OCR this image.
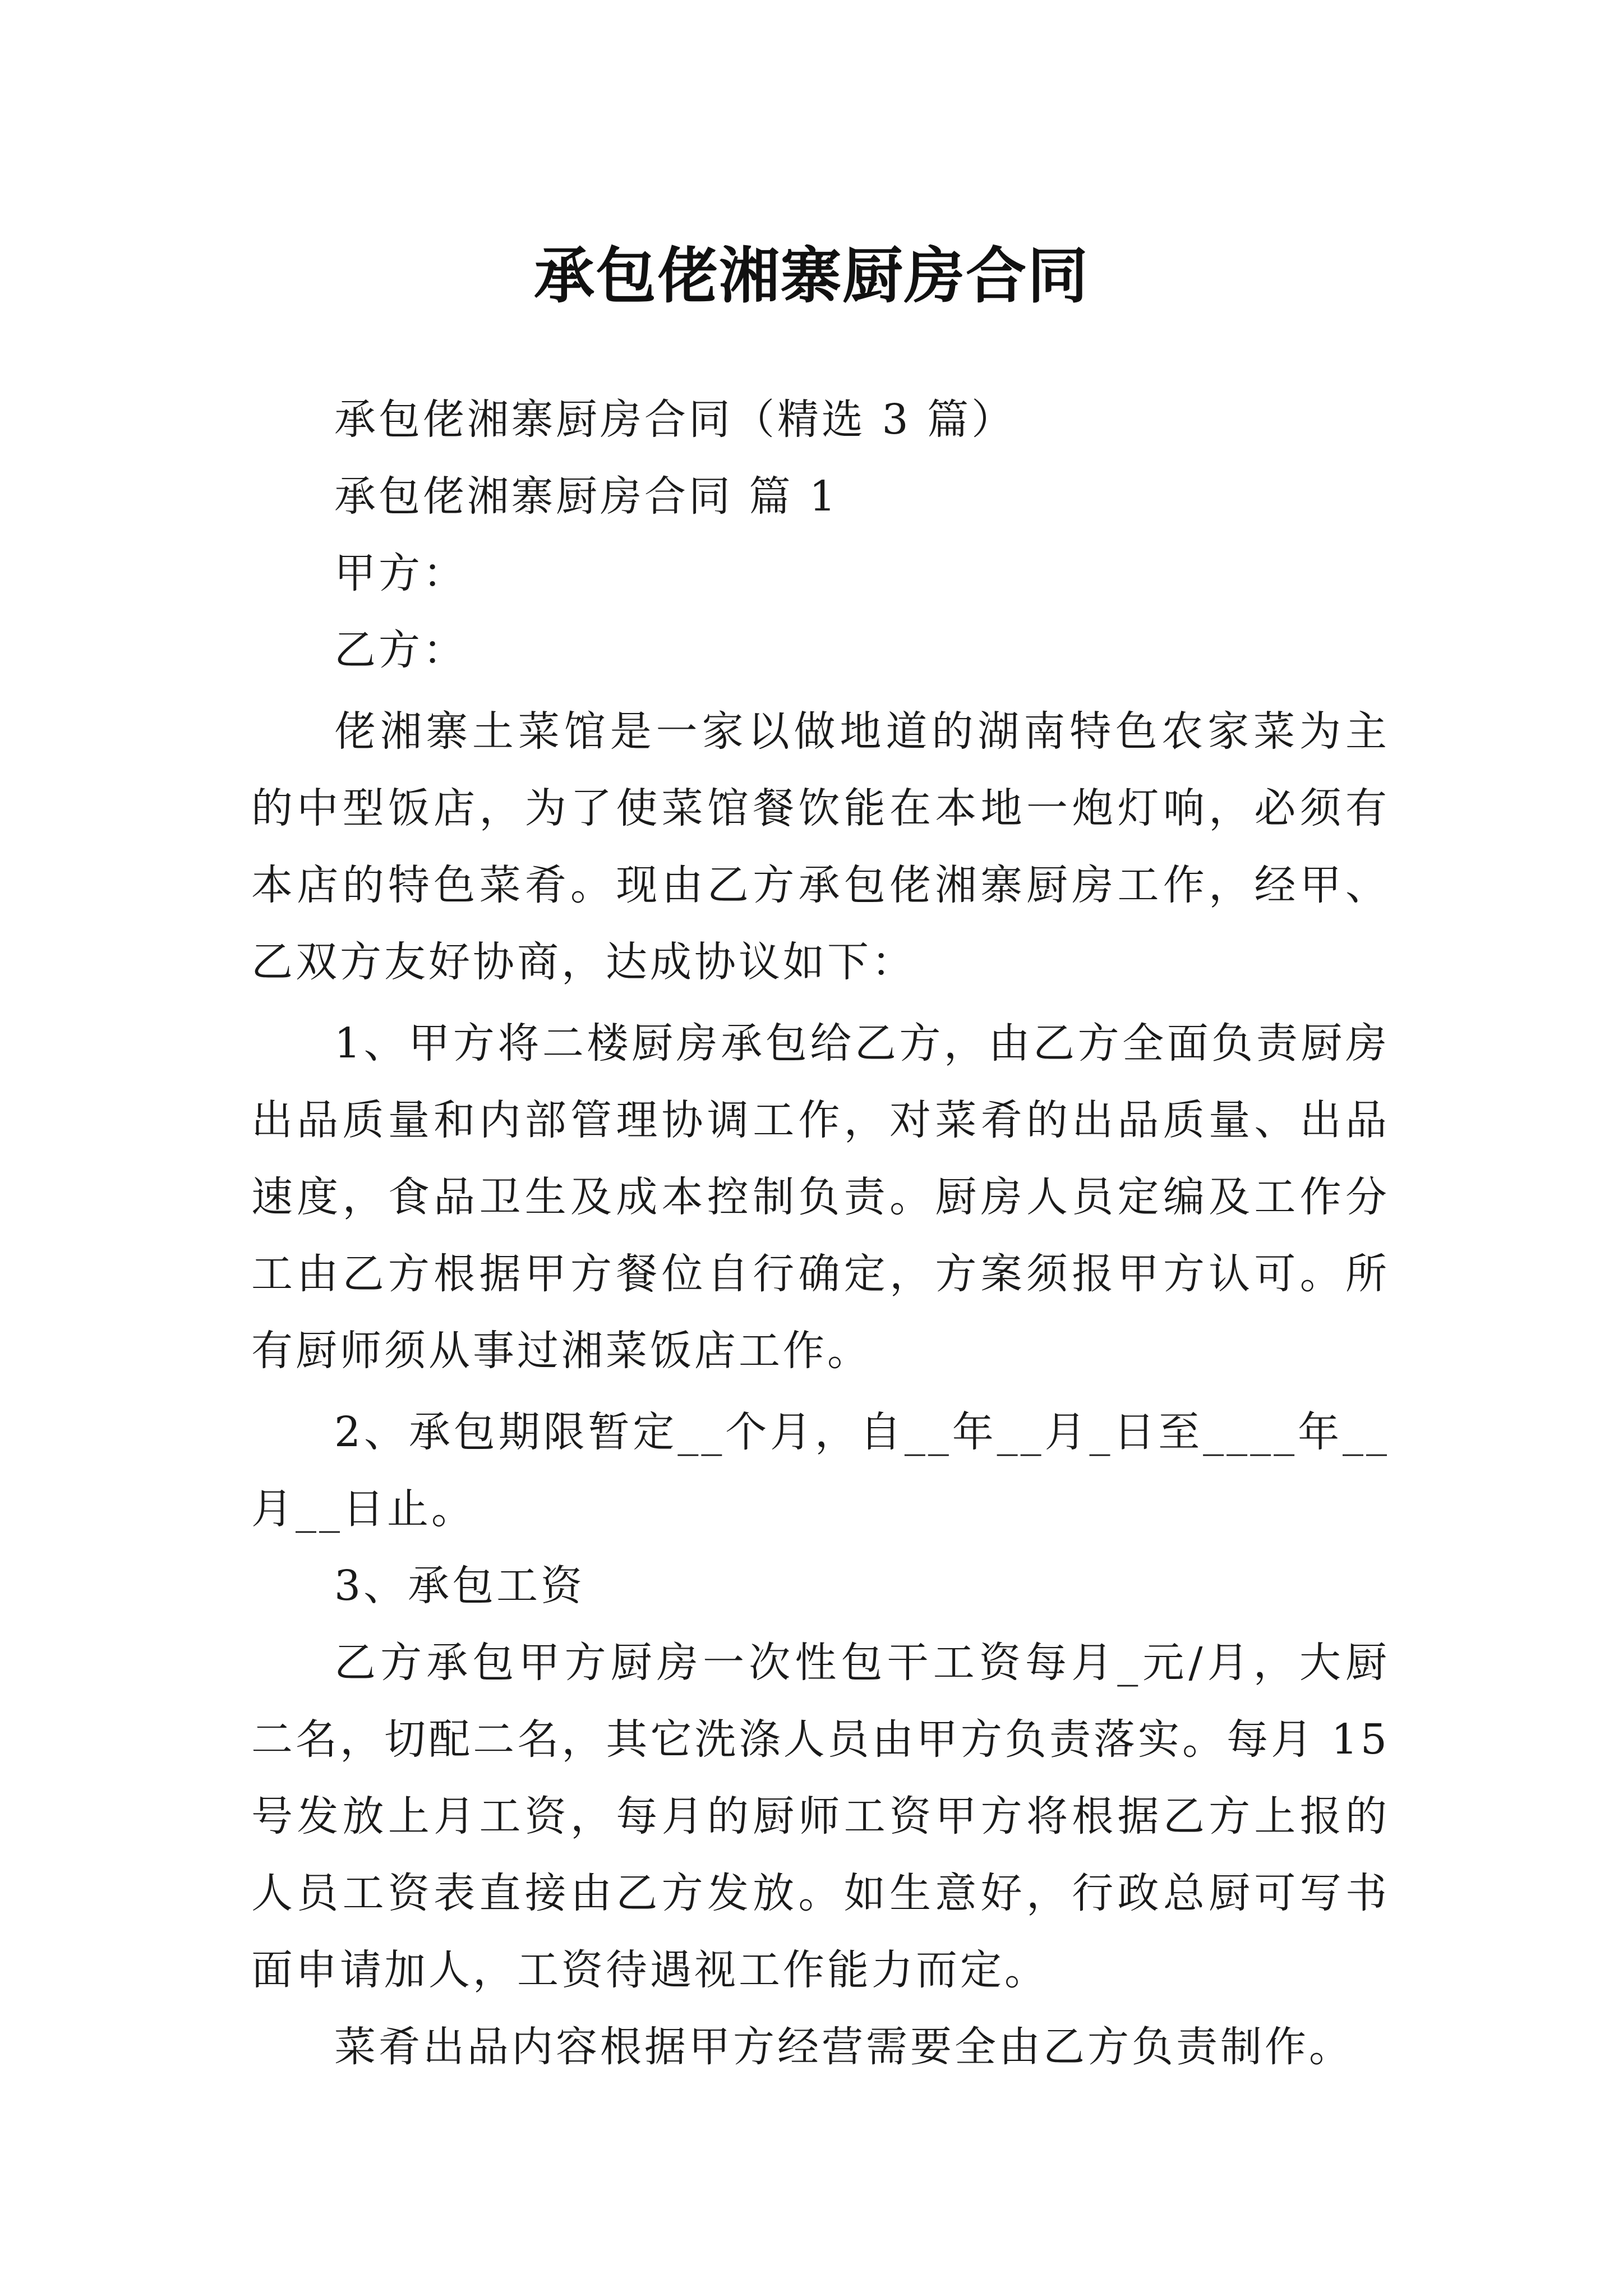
承包佬湘寨厨房合同

承包佬湘寨厨房合同（精选 3 篇）

承包佬湘寨厨房合同 篇 1

甲方：

乙方：

佬湘寨土菜馆是一家以做地道的湖南特色农家菜为主的中型饭店，为了使菜馆餐饮能在本地一炮灯响，必须有本店的特色菜肴。现由乙方承包佬湘寨厨房工作，经甲、乙双方友好协商，达成协议如下：

1、甲方将二楼厨房承包给乙方，由乙方全面负责厨房出品质量和内部管理协调工作，对菜肴的出品质量、出品速度，食品卫生及成本控制负责。厨房人员定编及工作分工由乙方根据甲方餐位自行确定，方案须报甲方认可。所有厨师须从事过湘菜饭店工作。

2、承包期限暂定__个月，自__年__月_日至____年__月__日止。

3、承包工资

乙方承包甲方厨房一次性包干工资每月_元/月，大厨二名，切配二名，其它洗涤人员由甲方负责落实。每月 15 号发放上月工资，每月的厨师工资甲方将根据乙方上报的人员工资表直接由乙方发放。如生意好，行政总厨可写书面申请加人，工资待遇视工作能力而定。

菜肴出品内容根据甲方经营需要全由乙方负责制作。
